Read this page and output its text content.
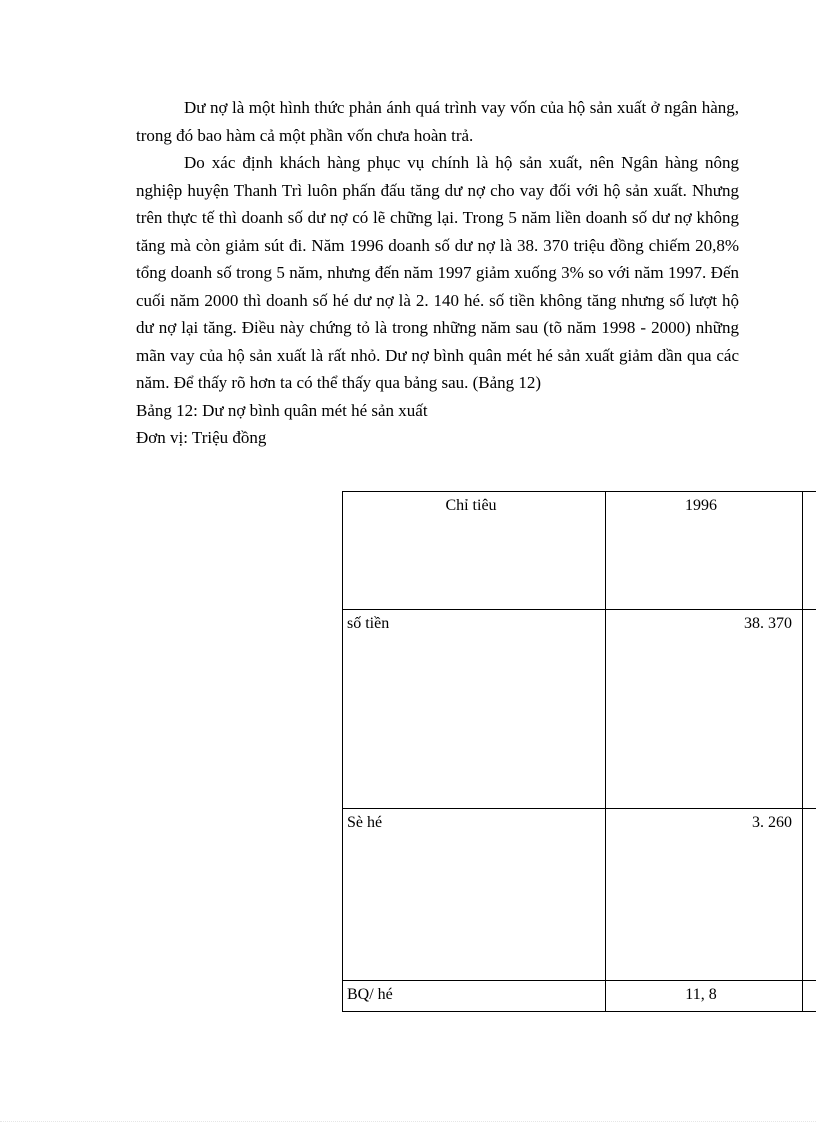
Dư nợ là một hình thức phản ánh quá trình vay vốn của hộ sản xuất ở ngân hàng, trong đó bao hàm cả một phần vốn chưa hoàn trả.

Do xác định khách hàng phục vụ chính là hộ sản xuất, nên Ngân hàng nông nghiệp huyện Thanh Trì luôn phấn đấu tăng dư nợ cho vay đối với hộ sản xuất. Nhưng trên thực tế thì doanh số dư nợ có lẽ chững lại. Trong 5 năm liền doanh số dư nợ không tăng mà còn giảm sút đi. Năm 1996 doanh số dư nợ là 38. 370 triệu đồng chiếm 20,8% tổng doanh số trong 5 năm, nhưng đến năm 1997 giảm xuống 3% so với năm 1997. Đến cuối năm 2000 thì doanh số hé dư nợ là 2. 140 hé. số tiền không tăng nhưng số lượt hộ dư nợ lại tăng. Điều này chứng tỏ là trong những năm sau (tõ năm 1998 - 2000) những mãn vay của hộ sản xuất là rất nhỏ. Dư nợ bình quân mét hé sản xuất giảm dần qua các năm. Để thấy rõ hơn ta có thể thấy qua bảng sau. (Bảng 12)

Bảng 12: Dư nợ bình quân mét hé sản xuất
Đơn vị: Triệu đồng
Chỉ tiêu	1996	
số tiền	38. 370	
Sè hé	3. 260	
BQ/ hé	11, 8	
